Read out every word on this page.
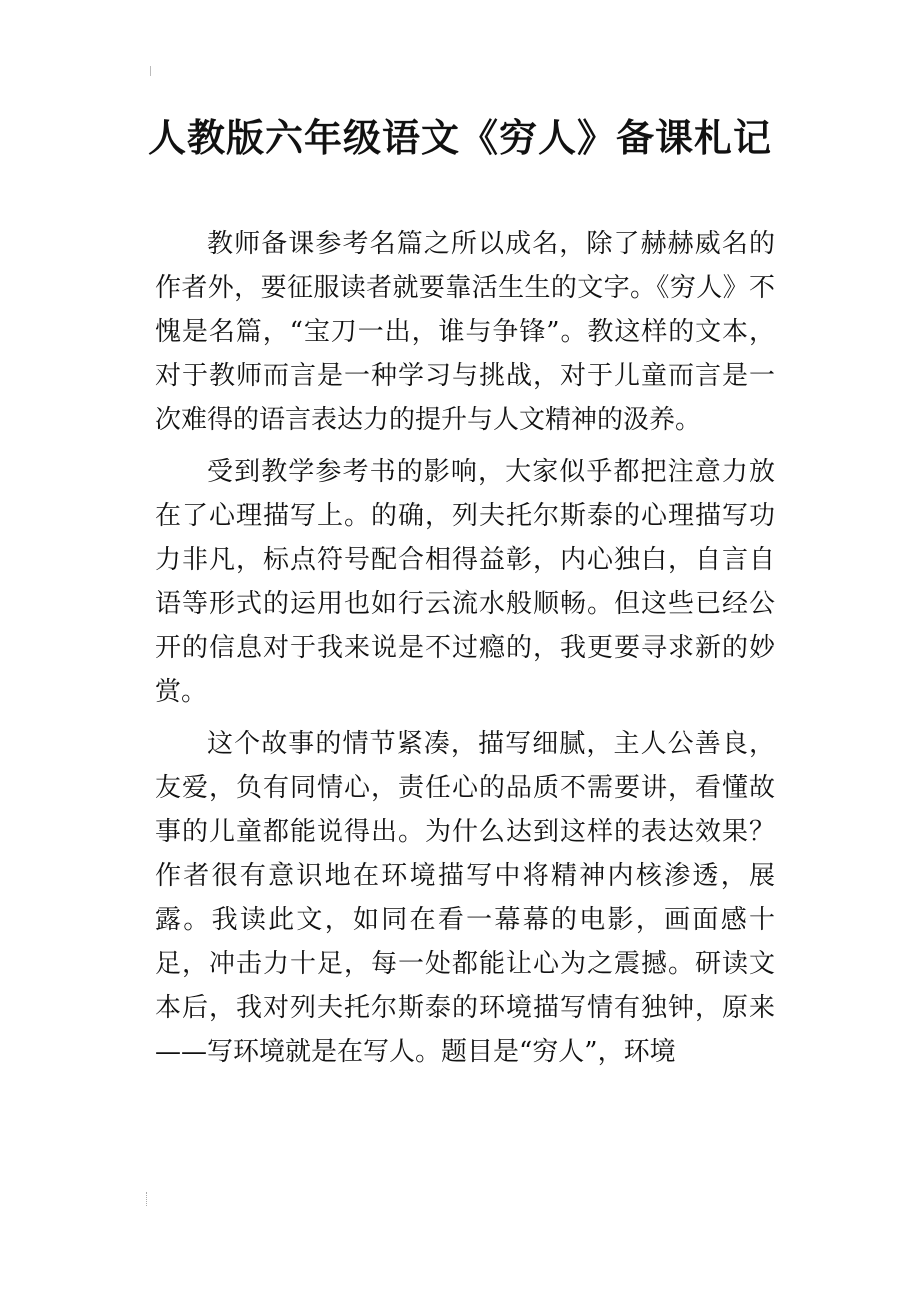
人教版六年级语文《穷人》备课札记

教师备课参考名篇之所以成名，除了赫赫威名的作者外，要征服读者就要靠活生生的文字。《穷人》不愧是名篇，“宝刀一出，谁与争锋”。教这样的文本，对于教师而言是一种学习与挑战，对于儿童而言是一次难得的语言表达力的提升与人文精神的汲养。

受到教学参考书的影响，大家似乎都把注意力放在了心理描写上。的确，列夫托尔斯泰的心理描写功力非凡，标点符号配合相得益彰，内心独白，自言自语等形式的运用也如行云流水般顺畅。但这些已经公开的信息对于我来说是不过瘾的，我更要寻求新的妙赏。

这个故事的情节紧凑，描写细腻，主人公善良，友爱，负有同情心，责任心的品质不需要讲，看懂故事的儿童都能说得出。为什么达到这样的表达效果？作者很有意识地在环境描写中将精神内核渗透，展露。我读此文，如同在看一幕幕的电影，画面感十足，冲击力十足，每一处都能让心为之震撼。研读文本后，我对列夫托尔斯泰的环境描写情有独钟，原来——写环境就是在写人。题目是“穷人”，环境
